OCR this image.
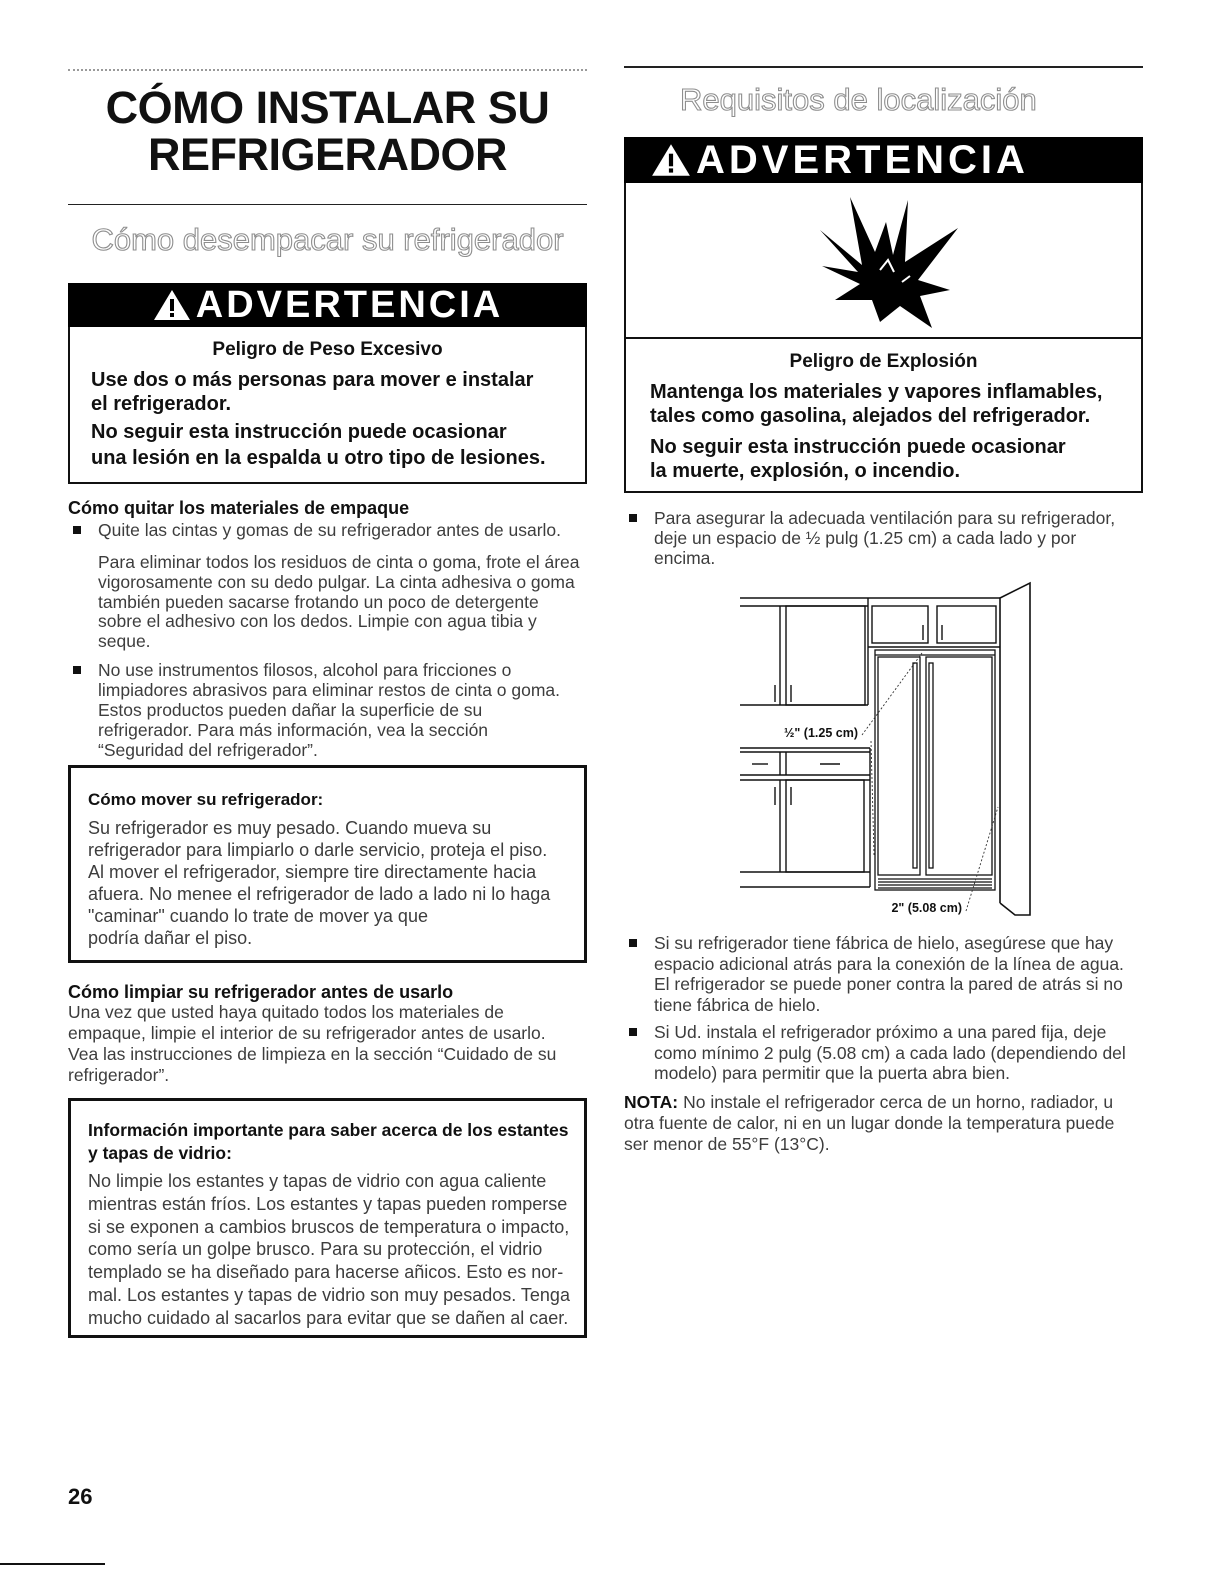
CÓMO INSTALAR SU
REFRIGERADOR
Cómo desempacar su refrigerador
ADVERTENCIA
Peligro de Peso Excesivo
Use dos o más personas para mover e instalar
el refrigerador.
No seguir esta instrucción puede ocasionar
una lesión en la espalda u otro tipo de lesiones.
Cómo quitar los materiales de empaque
Quite las cintas y gomas de su refrigerador antes de usarlo.
Para eliminar todos los residuos de cinta o goma, frote el área
vigorosamente con su dedo pulgar. La cinta adhesiva o goma
también pueden sacarse frotando un poco de detergente
sobre el adhesivo con los dedos. Limpie con agua tibia y
seque.
No use instrumentos filosos, alcohol para fricciones o
limpiadores abrasivos para eliminar restos de cinta o goma.
Estos productos pueden dañar la superficie de su
refrigerador. Para más información, vea la sección
“Seguridad del refrigerador”.
Cómo mover su refrigerador:
Su refrigerador es muy pesado. Cuando mueva su
refrigerador para limpiarlo o darle servicio, proteja el piso.
Al mover el refrigerador, siempre tire directamente hacia
afuera. No menee el refrigerador de lado a lado ni lo haga
"caminar" cuando lo trate de mover ya que
podría dañar el piso.
Cómo limpiar su refrigerador antes de usarlo
Una vez que usted haya quitado todos los materiales de
empaque, limpie el interior de su refrigerador antes de usarlo.
Vea las instrucciones de limpieza en la sección “Cuidado de su
refrigerador”.
Información importante para saber acerca de los estantes
y tapas de vidrio:
No limpie los estantes y tapas de vidrio con agua caliente
mientras están fríos. Los estantes y tapas pueden romperse
si se exponen a cambios bruscos de temperatura o impacto,
como sería un golpe brusco. Para su protección, el vidrio
templado se ha diseñado para hacerse añicos. Esto es nor-
mal. Los estantes y tapas de vidrio son muy pesados. Tenga
mucho cuidado al sacarlos para evitar que se dañen al caer.
26
Requisitos de localización
ADVERTENCIA
Peligro de Explosión
Mantenga los materiales y vapores inflamables,
tales como gasolina, alejados del refrigerador.
No seguir esta instrucción puede ocasionar
la muerte, explosión, o incendio.
Para asegurar la adecuada ventilación para su refrigerador,
deje un espacio de ½ pulg (1.25 cm) a cada lado y por
encima.
½" (1.25 cm)
2" (5.08 cm)
Si su refrigerador tiene fábrica de hielo, asegúrese que hay
espacio adicional atrás para la conexión de la línea de agua.
El refrigerador se puede poner contra la pared de atrás si no
tiene fábrica de hielo.
Si Ud. instala el refrigerador próximo a una pared fija, deje
como mínimo 2 pulg (5.08 cm) a cada lado (dependiendo del
modelo) para permitir que la puerta abra bien.
NOTA: No instale el refrigerador cerca de un horno, radiador, u
otra fuente de calor, ni en un lugar donde la temperatura puede
ser menor de 55°F (13°C).
